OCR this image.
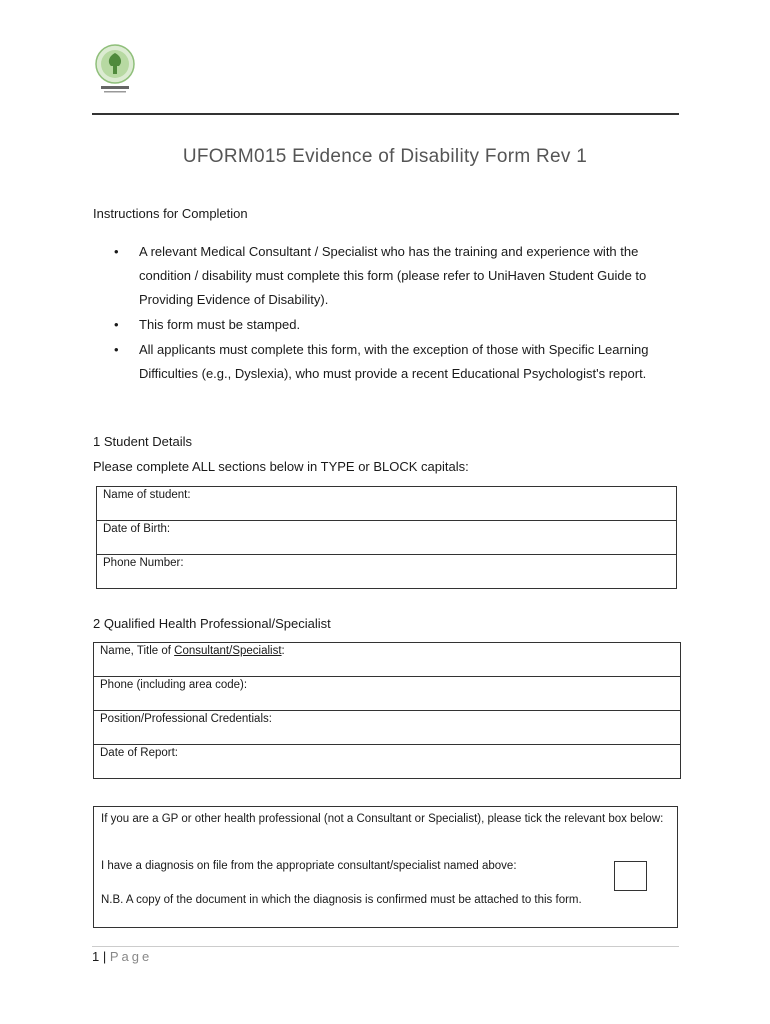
UFORM015 Evidence of Disability Form Rev 1
Instructions for Completion
• A relevant Medical Consultant / Specialist who has the training and experience with the condition / disability must complete this form (please refer to UniHaven Student Guide to Providing Evidence of Disability).
• This form must be stamped.
• All applicants must complete this form, with the exception of those with Specific Learning Difficulties (e.g., Dyslexia), who must provide a recent Educational Psychologist's report.
1 Student Details
Please complete ALL sections below in TYPE or BLOCK capitals:
Name of student:
Date of Birth:
Phone Number:
2 Qualified Health Professional/Specialist
Name, Title of Consultant/Specialist:
Phone (including area code):
Position/Professional Credentials:
Date of Report:
If you are a GP or other health professional (not a Consultant or Specialist), please tick the relevant box below:
I have a diagnosis on file from the appropriate consultant/specialist named above:
N.B. A copy of the document in which the diagnosis is confirmed must be attached to this form.
1 | Page
